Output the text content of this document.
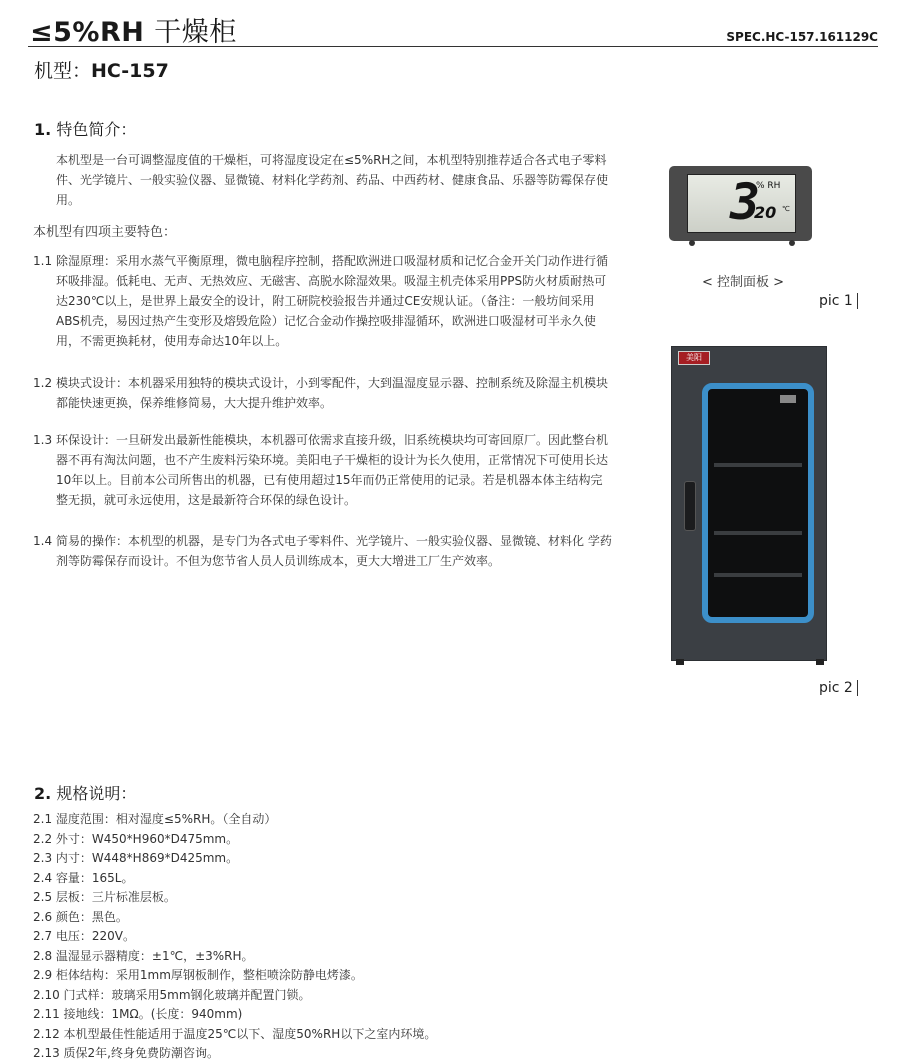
≤5%RH 干燥柜	SPEC.HC-157.161129C
机型：HC-157
1. 特色简介：
本机型是一台可调整湿度值的干燥柜，可将湿度设定在≤5%RH之间，本机型特别推荐适合各式电子零料件、光学镜片、一般实验仪器、显微镜、材料化学药剂、药品、中西药材、健康食品、乐器等防霉保存使用。
本机型有四项主要特色：
1.1 除湿原理：采用水蒸气平衡原理，微电脑程序控制，搭配欧洲进口吸湿材质和记忆合金开关门动作进行循环吸排湿。低耗电、无声、无热效应、无磁害、高脱水除湿效果。吸湿主机壳体采用PPS防火材质耐热可达230℃以上，是世界上最安全的设计，附工研院校验报告并通过CE安规认证。（备注：一般坊间采用ABS机壳，易因过热产生变形及熔毁危险）记忆合金动作操控吸排湿循环，欧洲进口吸湿材可半永久使用，不需更换耗材，使用寿命达10年以上。
1.2 模块式设计：本机器采用独特的模块式设计，小到零配件，大到温湿度显示器、控制系统及除湿主机模块都能快速更换，保养维修简易，大大提升维护效率。
1.3 环保设计：一旦研发出最新性能模块，本机器可依需求直接升级，旧系统模块均可寄回原厂。因此整台机器不再有淘汰问题，也不产生废料污染环境。美阳电子干燥柜的设计为长久使用，正常情况下可使用长达10年以上。目前本公司所售出的机器，已有使用超过15年而仍正常使用的记录。若是机器本体主结构完整无损，就可永远使用，这是最新符合环保的绿色设计。
1.4 简易的操作：本机型的机器，是专门为各式电子零料件、光学镜片、一般实验仪器、显微镜、材料化 学药剂等防霉保存而设计。不但为您节省人员人员训练成本，更大大增进工厂生产效率。
3
% RH
20 ℃
< 控制面板 >
pic 1
美阳
pic 2
2. 规格说明：
2.1 湿度范围：相对湿度≤5%RH。（全自动）
2.2 外寸：W450*H960*D475mm。
2.3 内寸：W448*H869*D425mm。
2.4 容量：165L。
2.5 层板：三片标准层板。
2.6 颜色：黑色。
2.7 电压：220V。
2.8 温湿显示器精度：±1℃，±3%RH。
2.9 柜体结构：采用1mm厚钢板制作，整柜喷涂防静电烤漆。
2.10 门式样：玻璃采用5mm钢化玻璃并配置门锁。
2.11 接地线：1MΩ。(长度：940mm)
2.12 本机型最佳性能适用于温度25℃以下、湿度50%RH以下之室内环境。
2.13 质保2年,终身免费防潮咨询。
